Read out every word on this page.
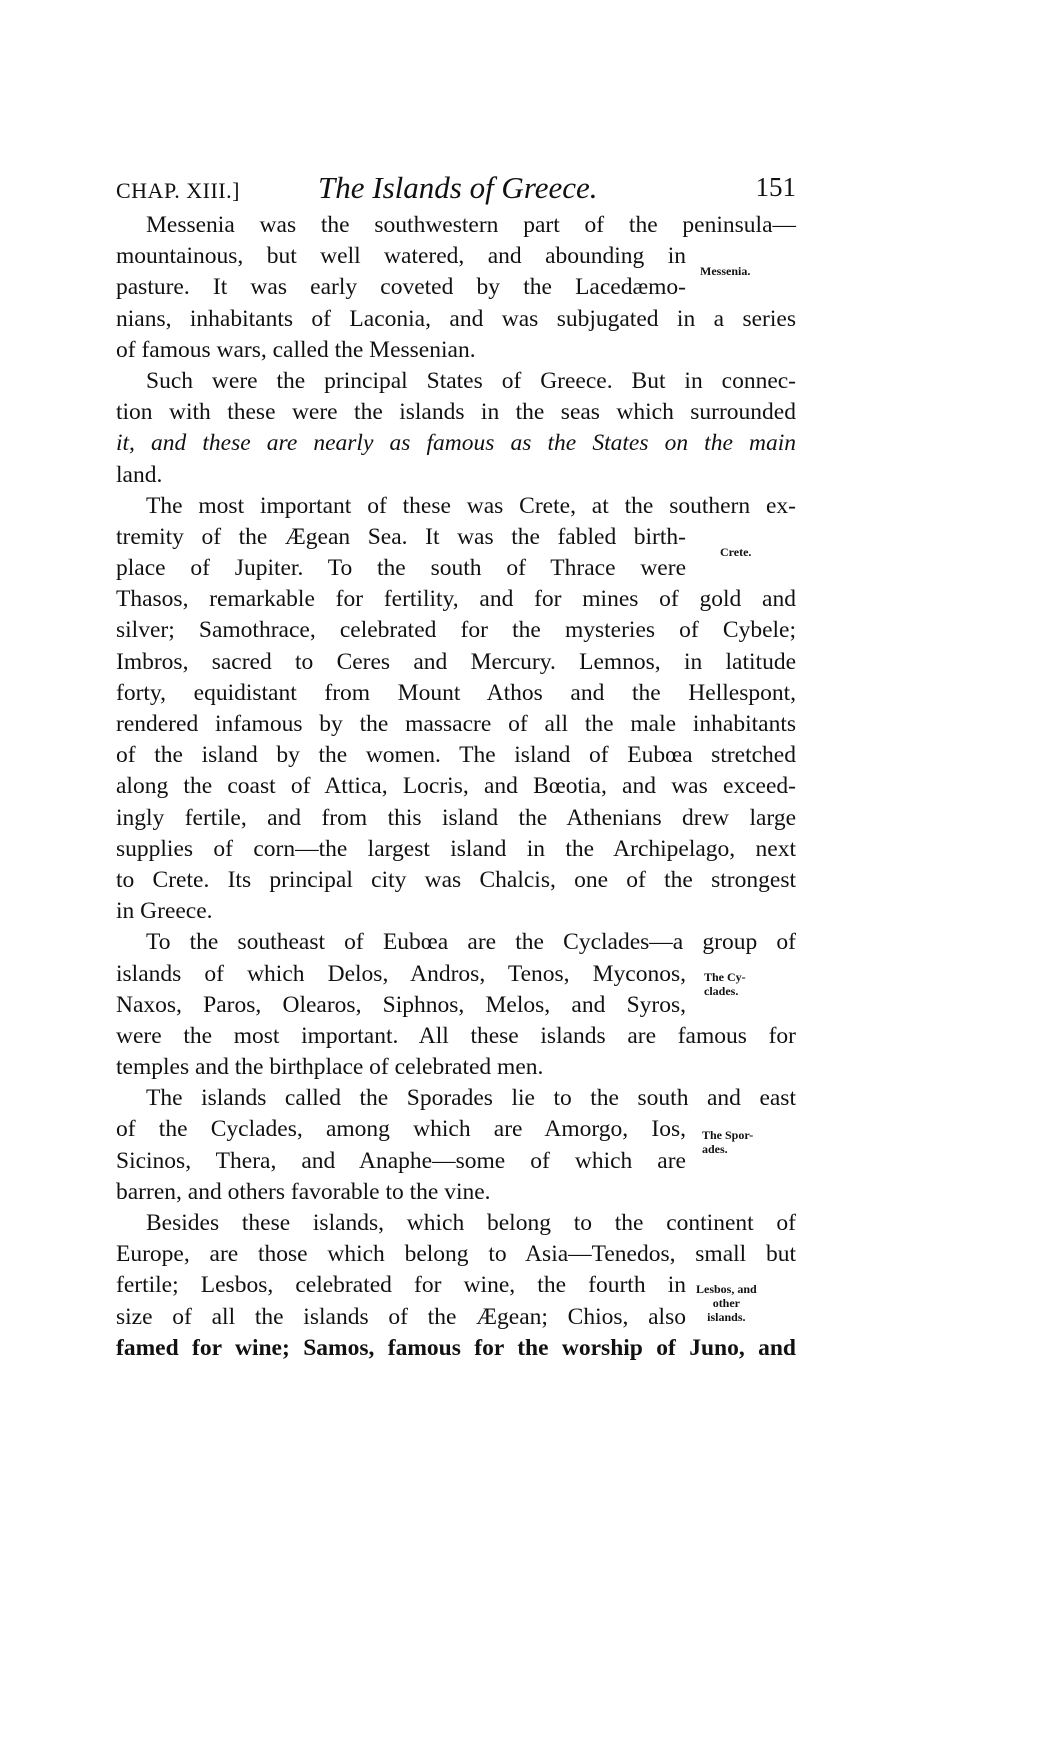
CHAP. XIII.]	The Islands of Greece.	151
Messenia was the southwestern part of the peninsula—
mountainous, but well watered, and abounding in
pasture. It was early coveted by the Lacedæmo-
nians, inhabitants of Laconia, and was subjugated in a series
of famous wars, called the Messenian.
Such were the principal States of Greece. But in connec-
tion with these were the islands in the seas which surrounded
it, and these are nearly as famous as the States on the main
land.
The most important of these was Crete, at the southern ex-
tremity of the Ægean Sea. It was the fabled birth-
place of Jupiter. To the south of Thrace were
Thasos, remarkable for fertility, and for mines of gold and
silver; Samothrace, celebrated for the mysteries of Cybele;
Imbros, sacred to Ceres and Mercury. Lemnos, in latitude
forty, equidistant from Mount Athos and the Hellespont,
rendered infamous by the massacre of all the male inhabitants
of the island by the women. The island of Eubœa stretched
along the coast of Attica, Locris, and Bœotia, and was exceed-
ingly fertile, and from this island the Athenians drew large
supplies of corn—the largest island in the Archipelago, next
to Crete. Its principal city was Chalcis, one of the strongest
in Greece.
To the southeast of Eubœa are the Cyclades—a group of
islands of which Delos, Andros, Tenos, Myconos,
Naxos, Paros, Olearos, Siphnos, Melos, and Syros,
were the most important. All these islands are famous for
temples and the birthplace of celebrated men.
The islands called the Sporades lie to the south and east
of the Cyclades, among which are Amorgo, Ios,
Sicinos, Thera, and Anaphe—some of which are
barren, and others favorable to the vine.
Besides these islands, which belong to the continent of
Europe, are those which belong to Asia—Tenedos, small but
fertile; Lesbos, celebrated for wine, the fourth in
size of all the islands of the Ægean; Chios, also
famed for wine; Samos, famous for the worship of Juno, and
Messenia.
Crete.
The Cy-
clades.
The Spor-
ades.
Lesbos, and
other
islands.
